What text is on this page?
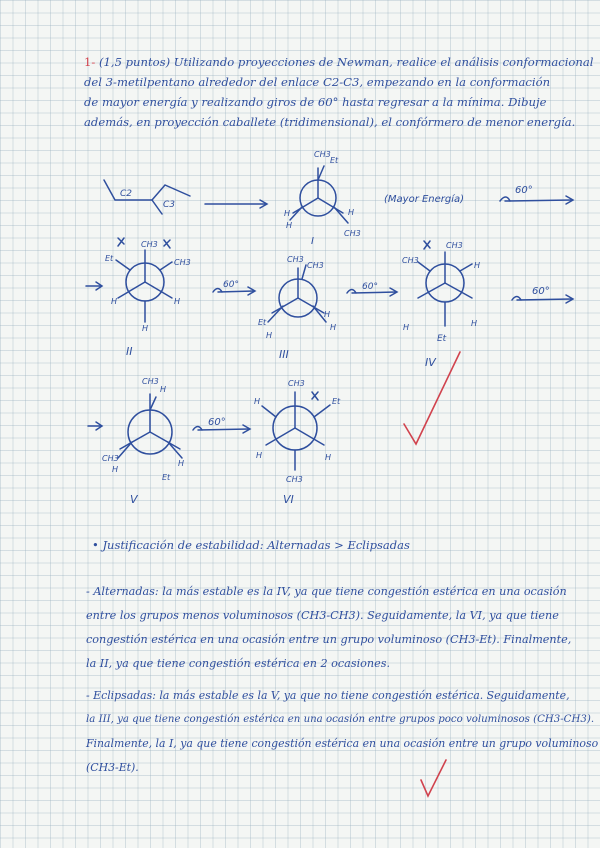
1- (1,5 puntos) Utilizando proyecciones de Newman, realice el análisis conformacional
del 3-metilpentano alrededor del enlace C2-C3, empezando en la conformación
de mayor energía y realizando giros de 60° hasta regresar a la mínima. Dibuje
además, en proyección caballete (tridimensional), el confórmero de menor energía.
C2
C3
CH3
Et
H
H
H
CH3
I
(Mayor Energía)
60°
CH3
Et	CH3
H	H
H
II
60°
CH3
CH3
Et
H
H
H
III
60°
CH3
CH3
H
H	H
Et
IV
60°
CH3
H
CH3
H
H
Et
V
60°
CH3
H	Et
H	H
CH3
VI
• Justificación de estabilidad: Alternadas > Eclipsadas
- Alternadas: la más estable es la IV, ya que tiene congestión estérica en una ocasión
entre los grupos menos voluminosos (CH3-CH3). Seguidamente, la VI, ya que tiene
congestión estérica en una ocasión entre un grupo voluminoso (CH3-Et). Finalmente,
la II, ya que tiene congestión estérica en 2 ocasiones.
- Eclipsadas: la más estable es la V, ya que no tiene congestión estérica. Seguidamente,
la III, ya que tiene congestión estérica en una ocasión entre grupos poco voluminosos (CH3-CH3).
Finalmente, la I, ya que tiene congestión estérica en una ocasión entre un grupo voluminoso
(CH3-Et).
